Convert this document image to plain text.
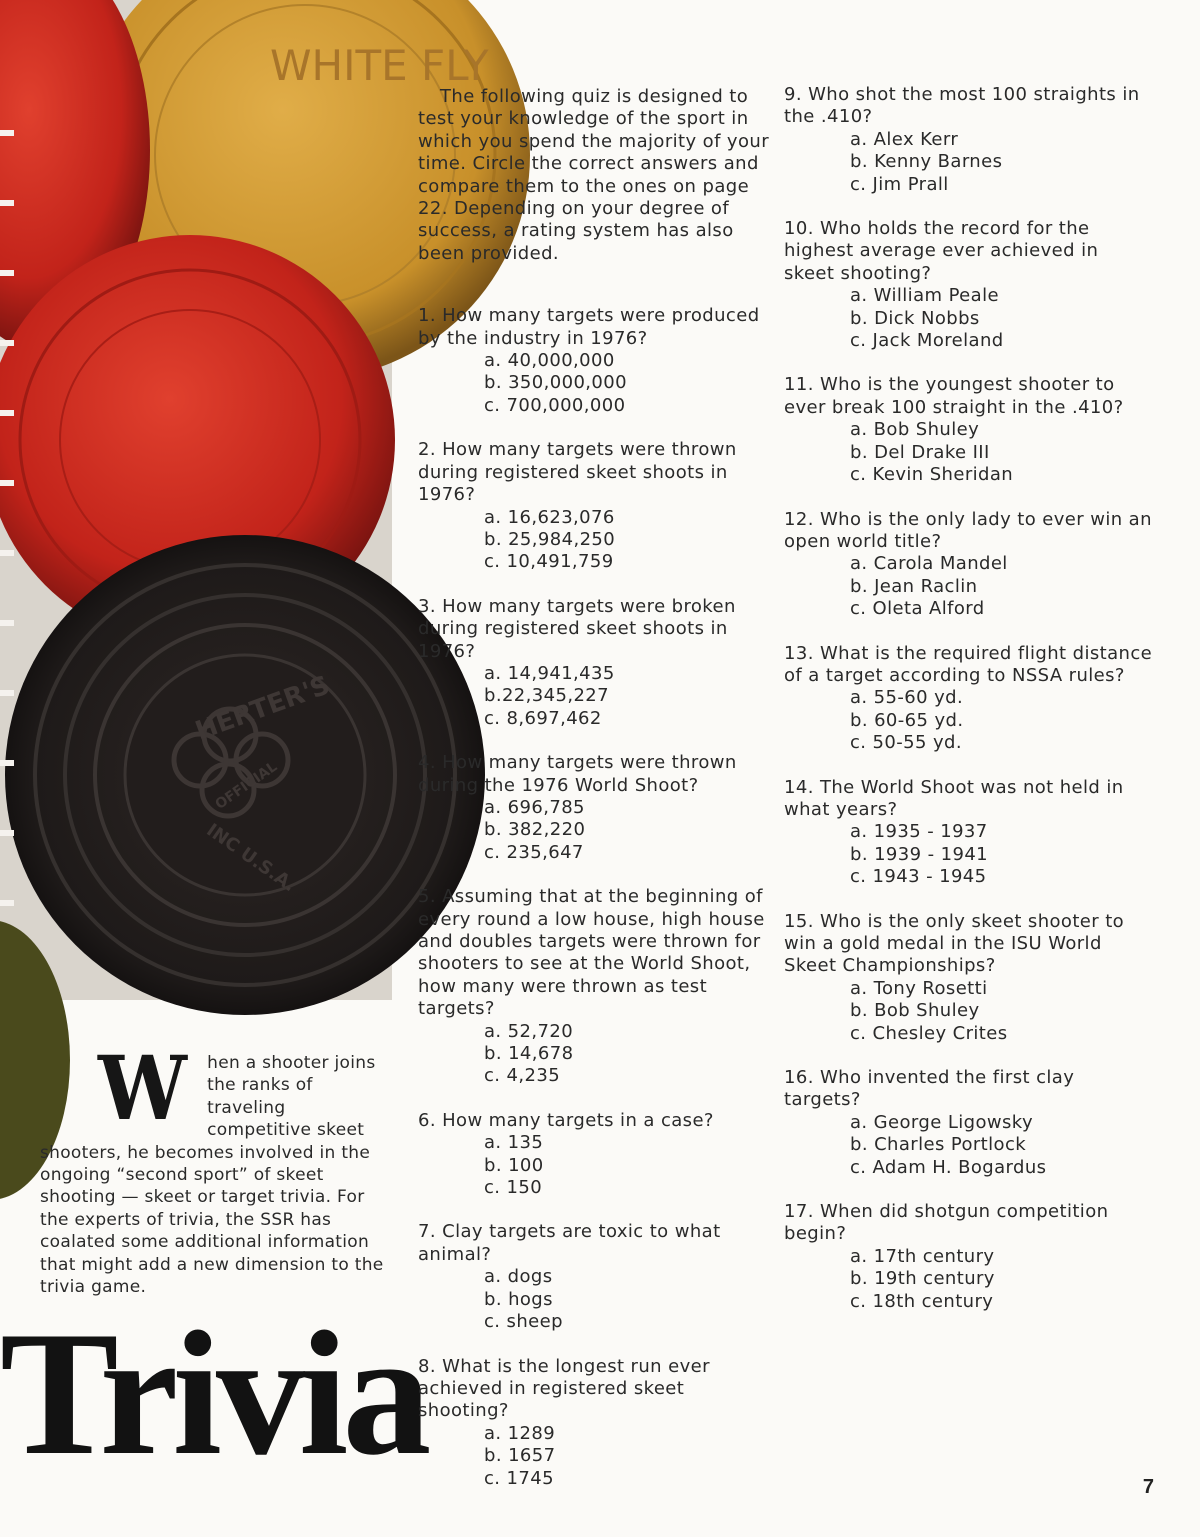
HERTER'S
OFFICIAL
INC U.S.A.
WHITE FLY
W hen a shooter joins the ranks of traveling competitive skeet shooters, he becomes involved in the ongoing “second sport” of skeet shooting — skeet or target trivia. For the experts of trivia, the SSR has coalated some additional information that might add a new dimension to the trivia game.
Trivia

The following quiz is designed to test your knowledge of the sport in which you spend the majority of your time. Circle the correct answers and compare them to the ones on page 22. Depending on your degree of success, a rating system has also been provided.

1. How many targets were produced by the industry in 1976?

a. 40,000,000

b. 350,000,000

c. 700,000,000

2. How many targets were thrown during registered skeet shoots in 1976?

a. 16,623,076

b. 25,984,250

c. 10,491,759

3. How many targets were broken during registered skeet shoots in 1976?

a. 14,941,435

b.22,345,227

c. 8,697,462

4. How many targets were thrown during the 1976 World Shoot?

a. 696,785

b. 382,220

c. 235,647

5. Assuming that at the beginning of every round a low house, high house and doubles targets were thrown for shooters to see at the World Shoot, how many were thrown as test targets?

a. 52,720

b. 14,678

c. 4,235

6. How many targets in a case?

a. 135

b. 100

c. 150

7. Clay targets are toxic to what animal?

a. dogs

b. hogs

c. sheep

8. What is the longest run ever achieved in registered skeet shooting?

a. 1289

b. 1657

c. 1745

9. Who shot the most 100 straights in the .410?

a. Alex Kerr

b. Kenny Barnes

c. Jim Prall

10. Who holds the record for the highest average ever achieved in skeet shooting?

a. William Peale

b. Dick Nobbs

c. Jack Moreland

11. Who is the youngest shooter to ever break 100 straight in the .410?

a. Bob Shuley

b. Del Drake III

c. Kevin Sheridan

12. Who is the only lady to ever win an open world title?

a. Carola Mandel

b. Jean Raclin

c. Oleta Alford

13. What is the required flight distance of a target according to NSSA rules?

a. 55-60 yd.

b. 60-65 yd.

c. 50-55 yd.

14. The World Shoot was not held in what years?

a. 1935 - 1937

b. 1939 - 1941

c. 1943 - 1945

15. Who is the only skeet shooter to win a gold medal in the ISU World Skeet Championships?

a. Tony Rosetti

b. Bob Shuley

c. Chesley Crites

16. Who invented the first clay targets?

a. George Ligowsky

b. Charles Portlock

c. Adam H. Bogardus

17. When did shotgun competition begin?

a. 17th century

b. 19th century

c. 18th century

7
